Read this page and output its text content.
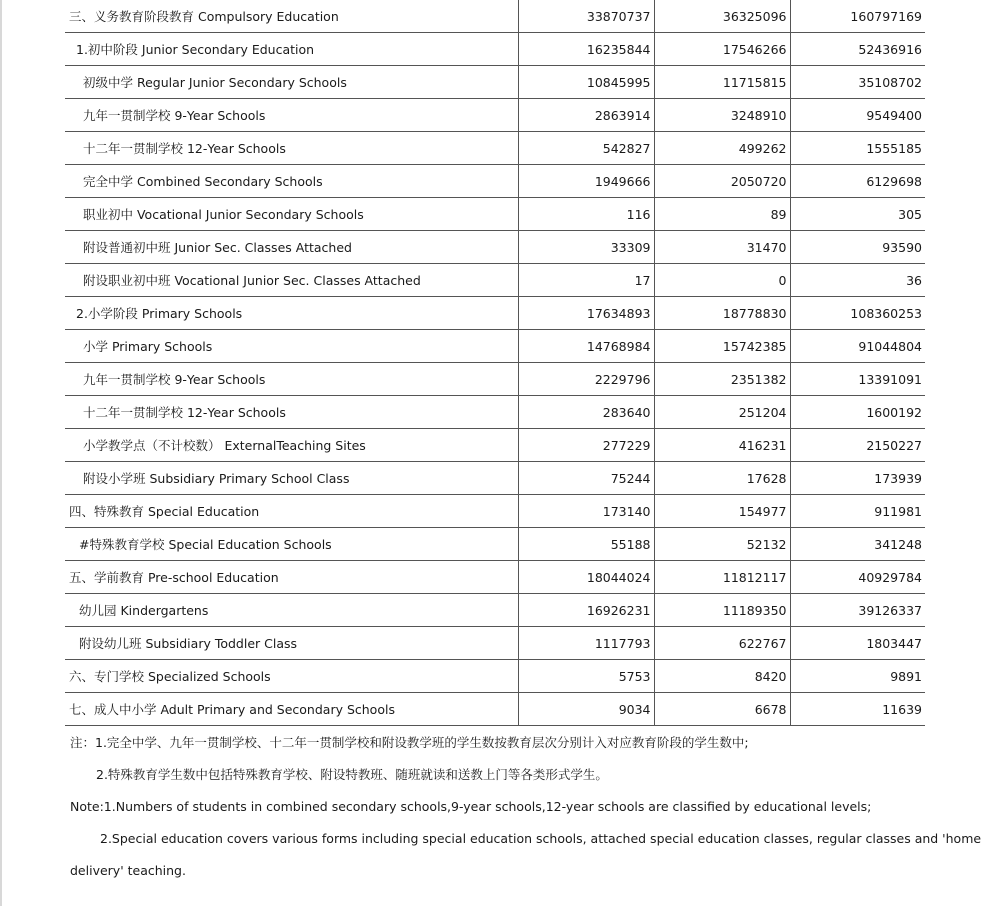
三、义务教育阶段教育 Compulsory Education	33870737	36325096	160797169
1.初中阶段 Junior Secondary Education	16235844	17546266	52436916
初级中学 Regular Junior Secondary Schools	10845995	11715815	35108702
九年一贯制学校 9-Year Schools	2863914	3248910	9549400
十二年一贯制学校 12-Year Schools	542827	499262	1555185
完全中学 Combined Secondary Schools	1949666	2050720	6129698
职业初中 Vocational Junior Secondary Schools	116	89	305
附设普通初中班 Junior Sec. Classes Attached	33309	31470	93590
附设职业初中班 Vocational Junior Sec. Classes Attached	17	0	36
2.小学阶段 Primary Schools	17634893	18778830	108360253
小学 Primary Schools	14768984	15742385	91044804
九年一贯制学校 9-Year Schools	2229796	2351382	13391091
十二年一贯制学校 12-Year Schools	283640	251204	1600192
小学教学点（不计校数） ExternalTeaching Sites	277229	416231	2150227
附设小学班 Subsidiary Primary School Class	75244	17628	173939
四、特殊教育 Special Education	173140	154977	911981
#特殊教育学校 Special Education Schools	55188	52132	341248
五、学前教育 Pre-school Education	18044024	11812117	40929784
幼儿园 Kindergartens	16926231	11189350	39126337
附设幼儿班 Subsidiary Toddler Class	1117793	622767	1803447
六、专门学校 Specialized Schools	5753	8420	9891
七、成人中小学 Adult Primary and Secondary Schools	9034	6678	11639
注：1.完全中学、九年一贯制学校、十二年一贯制学校和附设教学班的学生数按教育层次分别计入对应教育阶段的学生数中;
2.特殊教育学生数中包括特殊教育学校、附设特教班、随班就读和送教上门等各类形式学生。
Note:1.Numbers of students in combined secondary schools,9-year schools,12-year schools are classified by educational levels;
2.Special education covers various forms including special education schools, attached special education classes, regular classes and 'home
delivery' teaching.
